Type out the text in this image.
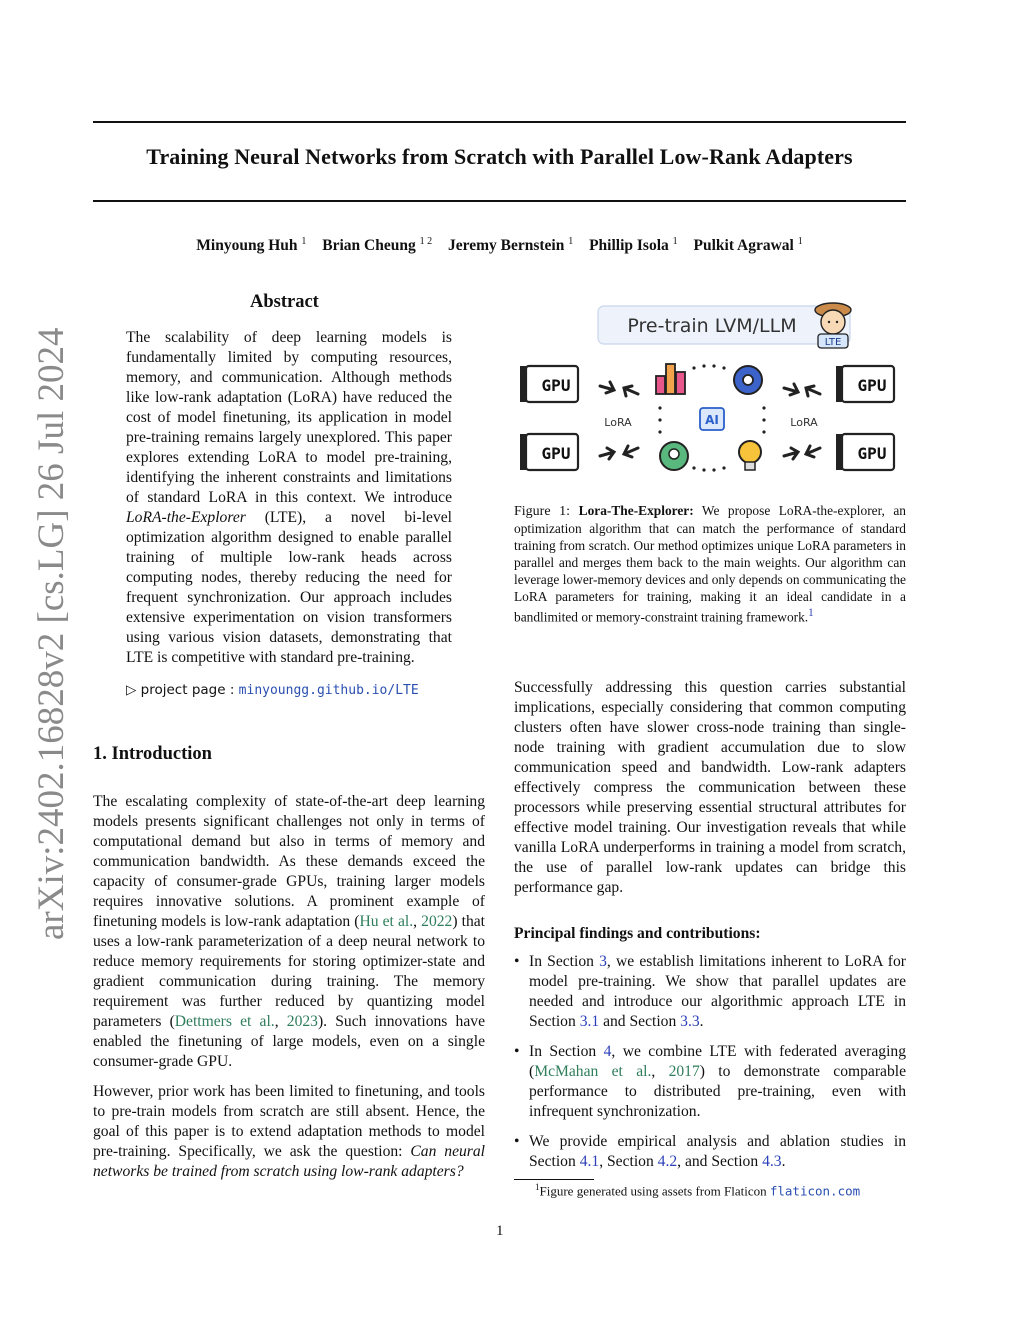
Training Neural Networks from Scratch with Parallel Low-Rank Adapters
Minyoung Huh $^1$ Brian Cheung $^{1 2}$ Jeremy Bernstein $^1$ Phillip Isola $^1$ Pulkit Agrawal $^1$
arXiv:2402.16828v2 [cs.LG] 26 Jul 2024
Abstract
The scalability of deep learning models is fundamentally limited by computing resources, memory, and communication. Although methods like low-rank adaptation (LoRA) have reduced the cost of model finetuning, its application in model pre-training remains largely unexplored. This paper explores extending LoRA to model pre-training, identifying the inherent constraints and limitations of standard LoRA in this context. We introduce LoRA-the-Explorer (LTE), a novel bi-level optimization algorithm designed to enable parallel training of multiple low-rank heads across computing nodes, thereby reducing the need for frequent synchronization. Our approach includes extensive experimentation on vision transformers using various vision datasets, demonstrating that LTE is competitive with standard pre-training.
▷ project page : minyoungg.github.io/LTE
Pre-train LVM/LLM
LTE
GPU
GPU
GPU
GPU
LoRA	LoRA
AI
Figure 1: Lora-The-Explorer: We propose LoRA-the-explorer, an optimization algorithm that can match the performance of standard training from scratch. Our method optimizes unique LoRA parameters in parallel and merges them back to the main weights. Our algorithm can leverage lower-memory devices and only depends on communicating the LoRA parameters for training, making it an ideal candidate in a bandlimited or memory-constraint training framework.$^1$
1. Introduction

The escalating complexity of state-of-the-art deep learning models presents significant challenges not only in terms of computational demand but also in terms of memory and communication bandwidth. As these demands exceed the capacity of consumer-grade GPUs, training larger models requires innovative solutions. A prominent example of finetuning models is low-rank adaptation (Hu et al., 2022) that uses a low-rank parameterization of a deep neural network to reduce memory requirements for storing optimizer-state and gradient communication during training. The memory requirement was further reduced by quantizing model parameters (Dettmers et al., 2023). Such innovations have enabled the finetuning of large models, even on a single consumer-grade GPU.

However, prior work has been limited to finetuning, and tools to pre-train models from scratch are still absent. Hence, the goal of this paper is to extend adaptation methods to model pre-training. Specifically, we ask the question: Can neural networks be trained from scratch using low-rank adapters?

Successfully addressing this question carries substantial implications, especially considering that common computing clusters often have slower cross-node training than single-node training with gradient accumulation due to slow communication speed and bandwidth. Low-rank adapters effectively compress the communication between these processors while preserving essential structural attributes for effective model training. Our investigation reveals that while vanilla LoRA underperforms in training a model from scratch, the use of parallel low-rank updates can bridge this performance gap.

Principal findings and contributions:
• In Section 3, we establish limitations inherent to LoRA for model pre-training. We show that parallel updates are needed and introduce our algorithmic approach LTE in Section 3.1 and Section 3.3.
• In Section 4, we combine LTE with federated averaging (McMahan et al., 2017) to demonstrate comparable performance to distributed pre-training, even with infrequent synchronization.
• We provide empirical analysis and ablation studies in Section 4.1, Section 4.2, and Section 4.3.
$^1$Figure generated using assets from Flaticon flaticon.com
1
